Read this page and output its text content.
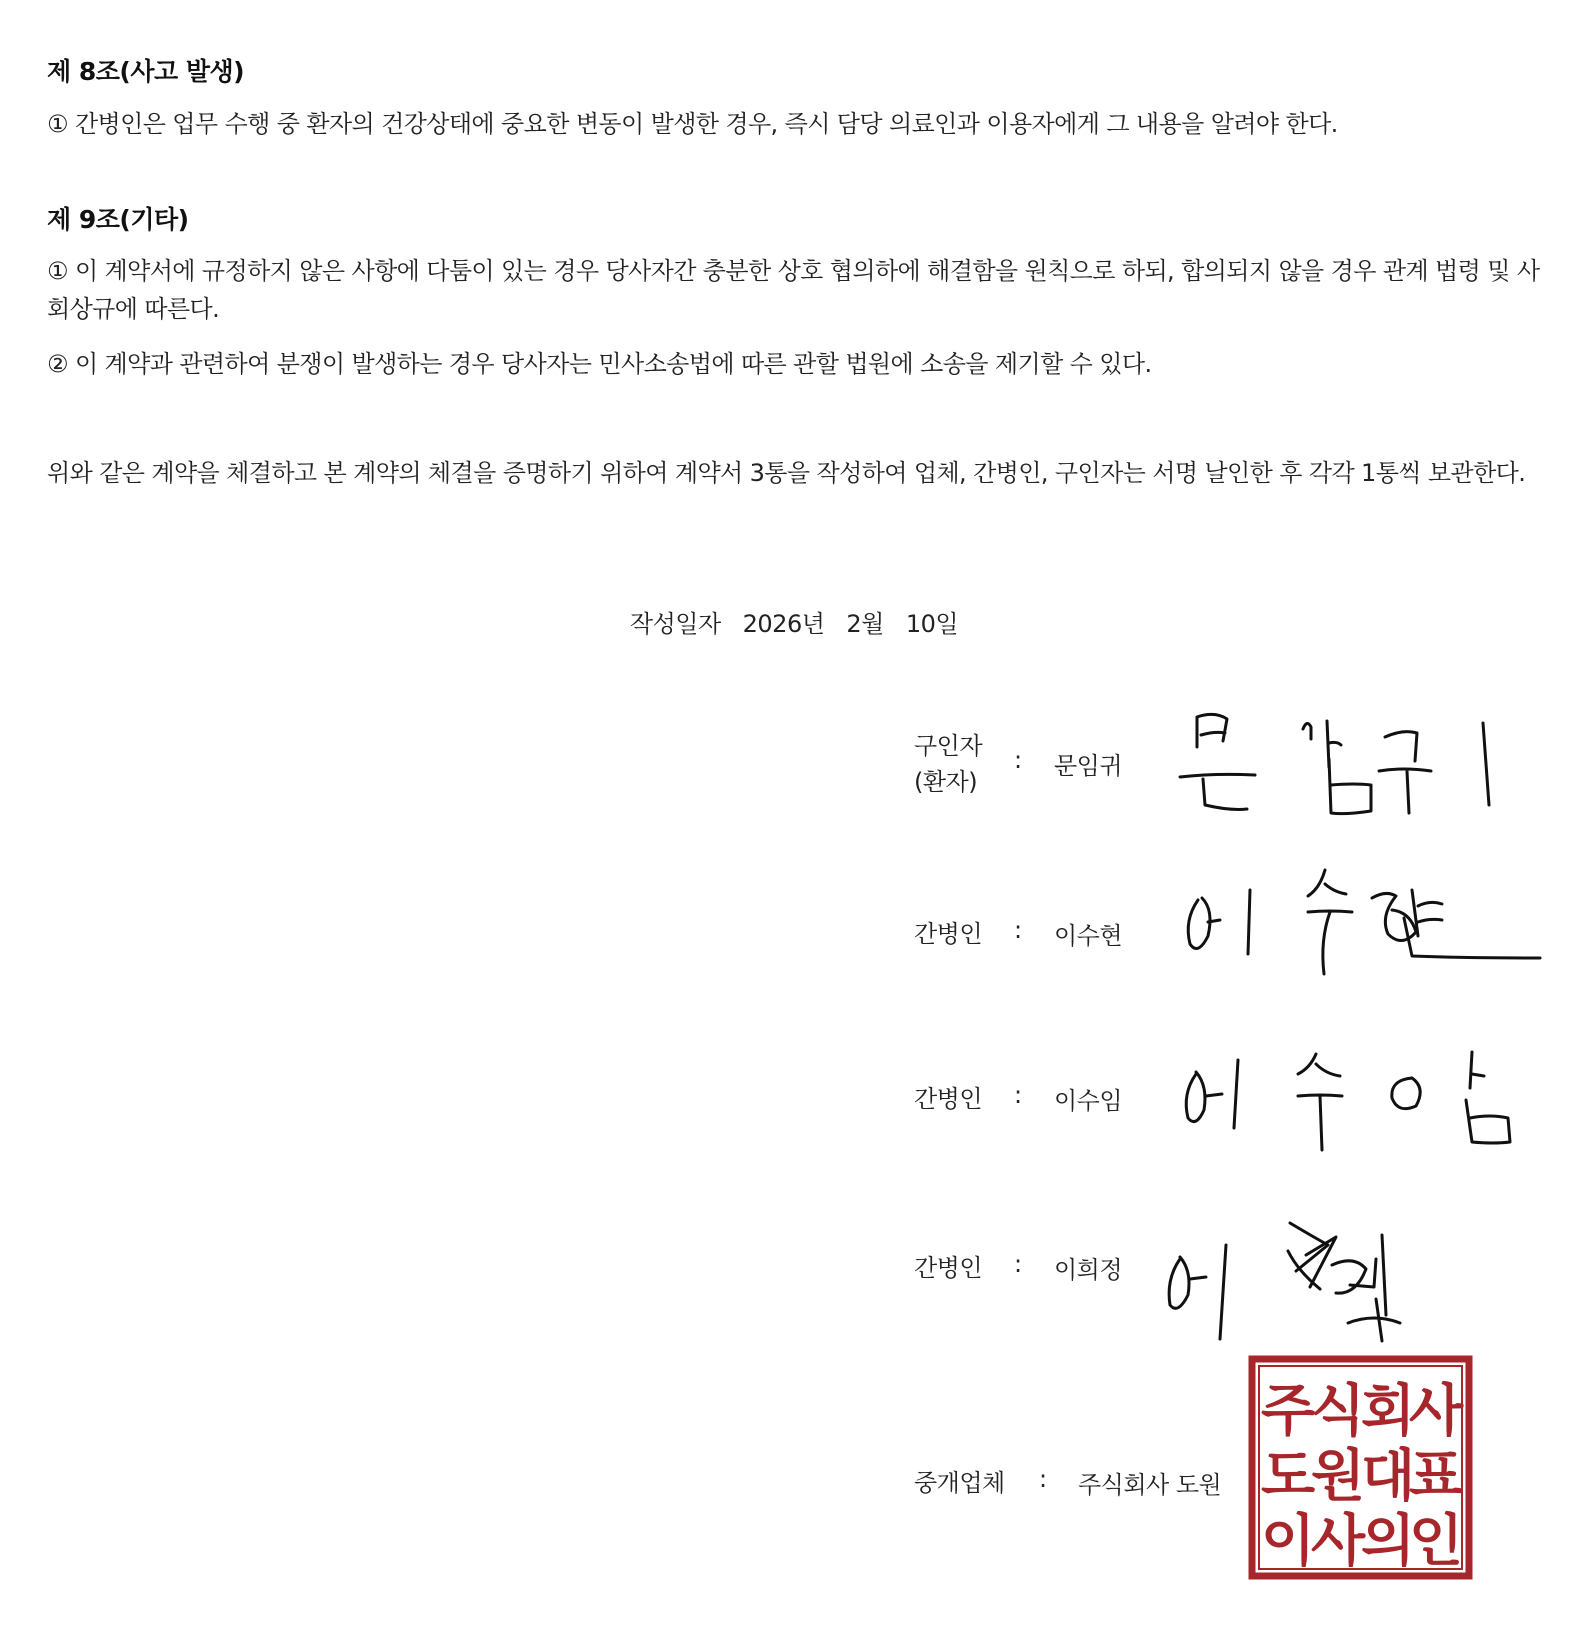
제 8조(사고 발생)
① 간병인은 업무 수행 중 환자의 건강상태에 중요한 변동이 발생한 경우, 즉시 담당 의료인과 이용자에게 그 내용을 알려야 한다.
제 9조(기타)
① 이 계약서에 규정하지 않은 사항에 다툼이 있는 경우 당사자간 충분한 상호 협의하에 해결함을 원칙으로 하되, 합의되지 않을 경우 관계 법령 및 사회상규에 따른다.
② 이 계약과 관련하여 분쟁이 발생하는 경우 당사자는 민사소송법에 따른 관할 법원에 소송을 제기할 수 있다.
위와 같은 계약을 체결하고 본 계약의 체결을 증명하기 위하여 계약서 3통을 작성하여 업체, 간병인, 구인자는 서명 날인한 후 각각 1통씩 보관한다.
작성일자 2026년 2월 10일
구인자
(환자)
: 문임귀
간병인 : 이수현
간병인 : 이수임
간병인 : 이희정
중개업체 : 주식회사 도원
주
식
회
사
도
원
대
표
이
사
의
인
